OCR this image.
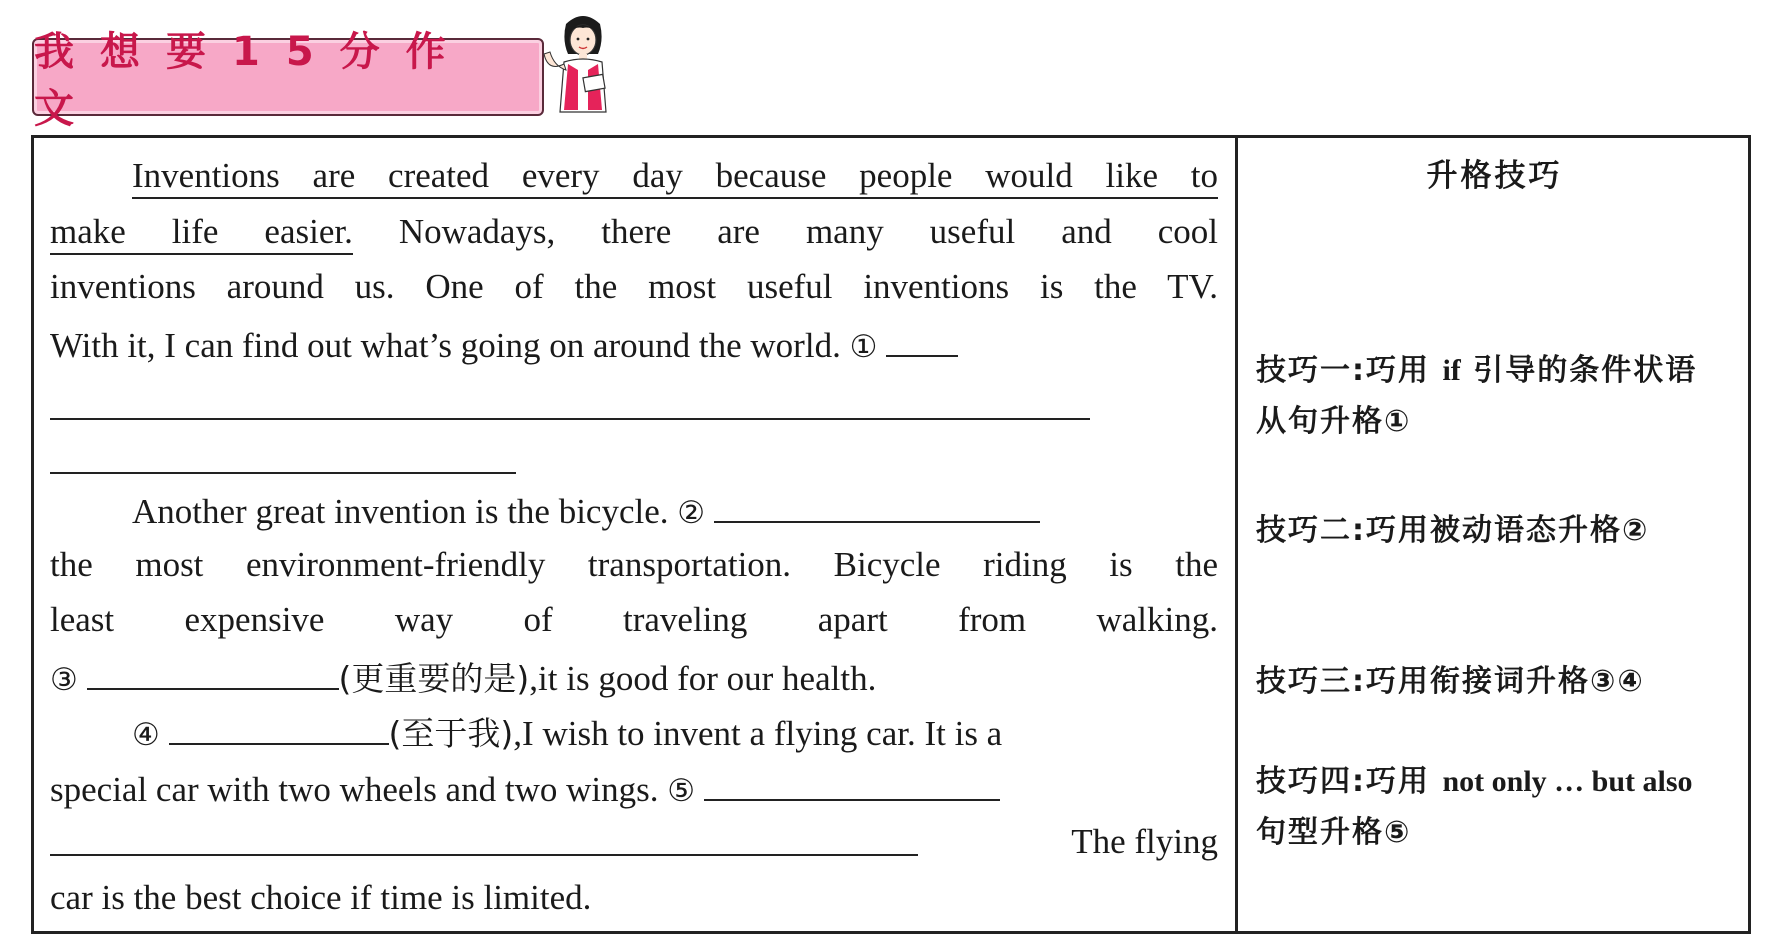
我想要15分作文
Inventions are created every day because people would like to
make life easier. Nowadays, there are many useful and cool
inventions around us. One of the most useful inventions is the TV.
With it, I can find out what’s going on around the world. ①
Another great invention is the bicycle. ②
the most environment-friendly transportation. Bicycle riding is the
least expensive way of traveling apart from walking.
③	(更重要的是),it is good for our health.
④	(至于我),I wish to invent a flying car. It is a
special car with two wheels and two wings. ⑤
The flying
car is the best choice if time is limited.
升格技巧
技巧一:巧用 if 引导的条件状语
从句升格①
技巧二:巧用被动语态升格②
技巧三:巧用衔接词升格③④
技巧四:巧用 not only … but also
句型升格⑤
